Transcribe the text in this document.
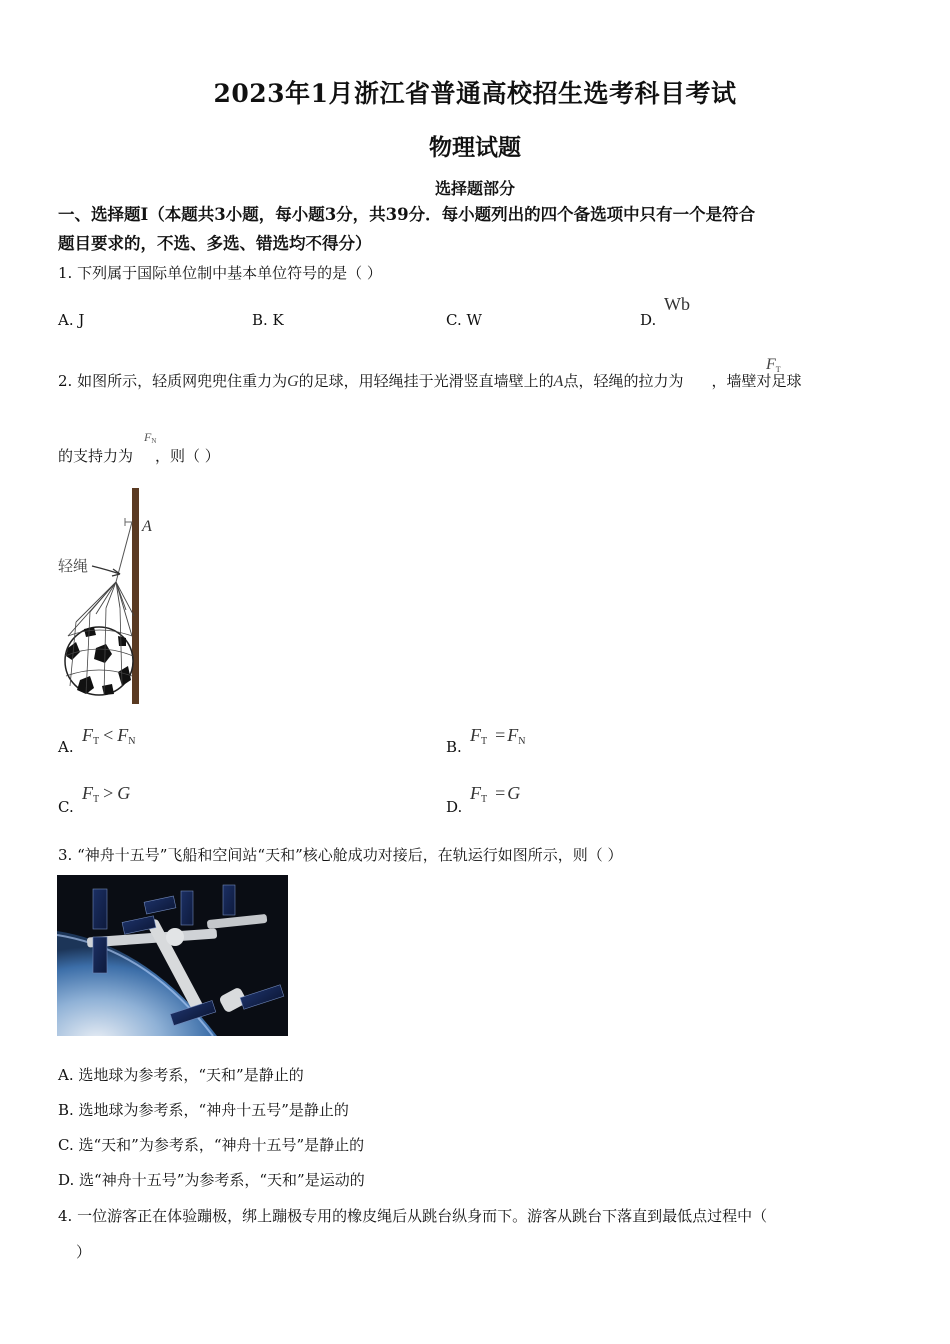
2023年1月浙江省普通高校招生选考科目考试
物理试题
选择题部分
一、选择题Ⅰ（本题共3小题，每小题3分，共39分．每小题列出的四个备选项中只有一个是符合
题目要求的，不选、多选、错选均不得分）
1. 下列属于国际单位制中基本单位符号的是（ ）
A. J	B. K	C. W	D.
Wb
2. 如图所示，轻质网兜兜住重力为G的足球，用轻绳挂于光滑竖直墙壁上的A点，轻绳的拉力为 ，墙壁对足球
FT
的支持力为 ，则（ ）
FN
A
轻绳
A.
$F_T < F_N$	B.
$F_T = F_N$
C.
$F_T > G$
D.
$F_T = G$
3. “神舟十五号”飞船和空间站“天和”核心舱成功对接后，在轨运行如图所示，则（ ）
A. 选地球为参考系，“天和”是静止的
B. 选地球为参考系，“神舟十五号”是静止的
C. 选“天和”为参考系，“神舟十五号”是静止的
D. 选“神舟十五号”为参考系，“天和”是运动的
4. 一位游客正在体验蹦极，绑上蹦极专用的橡皮绳后从跳台纵身而下。游客从跳台下落直到最低点过程中（
）
